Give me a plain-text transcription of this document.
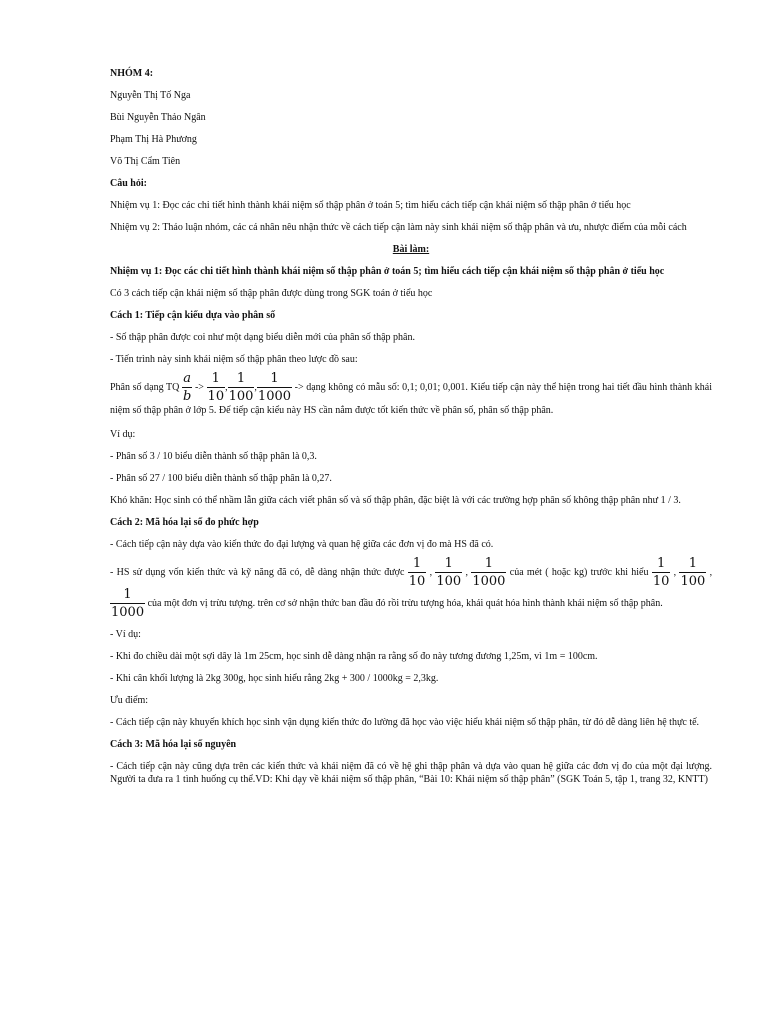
NHÓM 4:

Nguyễn Thị Tố Nga

Bùi Nguyễn Thảo Ngân

Phạm Thị Hà Phương

Võ Thị Cẩm Tiên

Câu hỏi:

Nhiệm vụ 1: Đọc các chi tiết hình thành khái niệm số thập phân ở toán 5; tìm hiểu cách tiếp cận khái niệm số thập phân ở tiểu học

Nhiệm vụ 2: Thảo luận nhóm, các cá nhân nêu nhận thức về cách tiếp cận làm này sinh khái niệm số thập phân và ưu, nhược điểm của mỗi cách

Bài làm:

Nhiệm vụ 1: Đọc các chi tiết hình thành khái niệm số thập phân ở toán 5; tìm hiểu cách tiếp cận khái niệm số thập phân ở tiểu học

Có 3 cách tiếp cận khái niệm số thập phân được dùng trong SGK toán ở tiểu học

Cách 1: Tiếp cận kiểu dựa vào phân số

- Số thập phân được coi như một dạng biểu diễn mới của phân số thập phân.

- Tiến trình này sinh khái niệm số thập phân theo lược đồ sau:

Phân số dạng TQ $\frac{a}{b} -> \frac{1}{10}$ , $\frac{1}{100}$ , $\frac{1}{1000}$ -> dạng không có mẫu số: 0,1; 0,01; 0,001. Kiểu tiếp cận này thể hiện trong hai tiết đầu hình thành khái niệm số thập phân ở lớp 5. Để tiếp cận kiểu này HS cần nắm được tốt kiến thức về phân số, phân số thập phân.

Ví dụ:

- Phân số 3 / 10 biểu diễn thành số thập phân là 0,3.

- Phân số 27 / 100 biểu diễn thành số thập phân là 0,27.

Khó khăn: Học sinh có thể nhầm lẫn giữa cách viết phân số và số thập phân, đặc biệt là với các trường hợp phân số không thập phân như 1 / 3.

Cách 2: Mã hóa lại số đo phức hợp

- Cách tiếp cận này dựa vào kiến thức đo đại lượng và quan hệ giữa các đơn vị đo mà HS đã có.

- HS sử dụng vốn kiến thức và kỹ năng đã có, dễ dàng nhận thức được $\frac{1}{10}$ , $\frac{1}{100}$ , $\frac{1}{1000}$ của mét ( hoặc kg) trước khi hiểu $\frac{1}{10}$ , $\frac{1}{100}$ ,
$\frac{1}{1000}$ của một đơn vị trừu tượng. trên cơ sở nhận thức ban đầu đó rồi trừu tượng hóa, khái quát hóa hình thành khái niệm số thập phân.

- Ví dụ:

- Khi đo chiều dài một sợi dây là 1m 25cm, học sinh dễ dàng nhận ra rằng số đo này tương đương 1,25m, vì 1m = 100cm.

- Khi cân khối lượng là 2kg 300g, học sinh hiểu rằng 2kg + 300 / 1000kg = 2,3kg.

Ưu điểm:

- Cách tiếp cận này khuyến khích học sinh vận dụng kiến thức đo lường đã học vào việc hiểu khái niệm số thập phân, từ đó dễ dàng liên hệ thực tế.

Cách 3: Mã hóa lại số nguyên

- Cách tiếp cận này cũng dựa trên các kiến thức và khái niệm đã có về hệ ghi thập phân và dựa vào quan hệ giữa các đơn vị đo của một đại lượng. Người ta đưa ra 1 tình huống cụ thể.VD: Khi dạy về khái niệm số thập phân, “Bài 10: Khái niệm số thập phân” (SGK Toán 5, tập 1, trang 32, KNTT)
